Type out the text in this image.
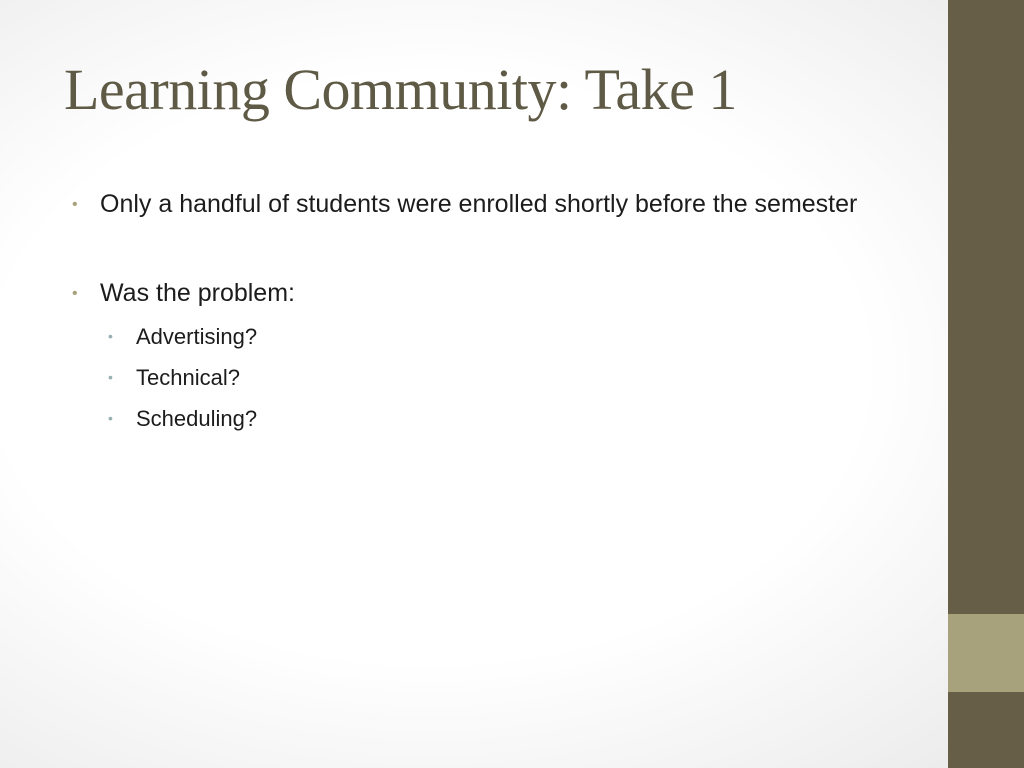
Learning Community: Take 1
• Only a handful of students were enrolled shortly before the semester
• Was the problem:
• Advertising?
• Technical?
• Scheduling?
